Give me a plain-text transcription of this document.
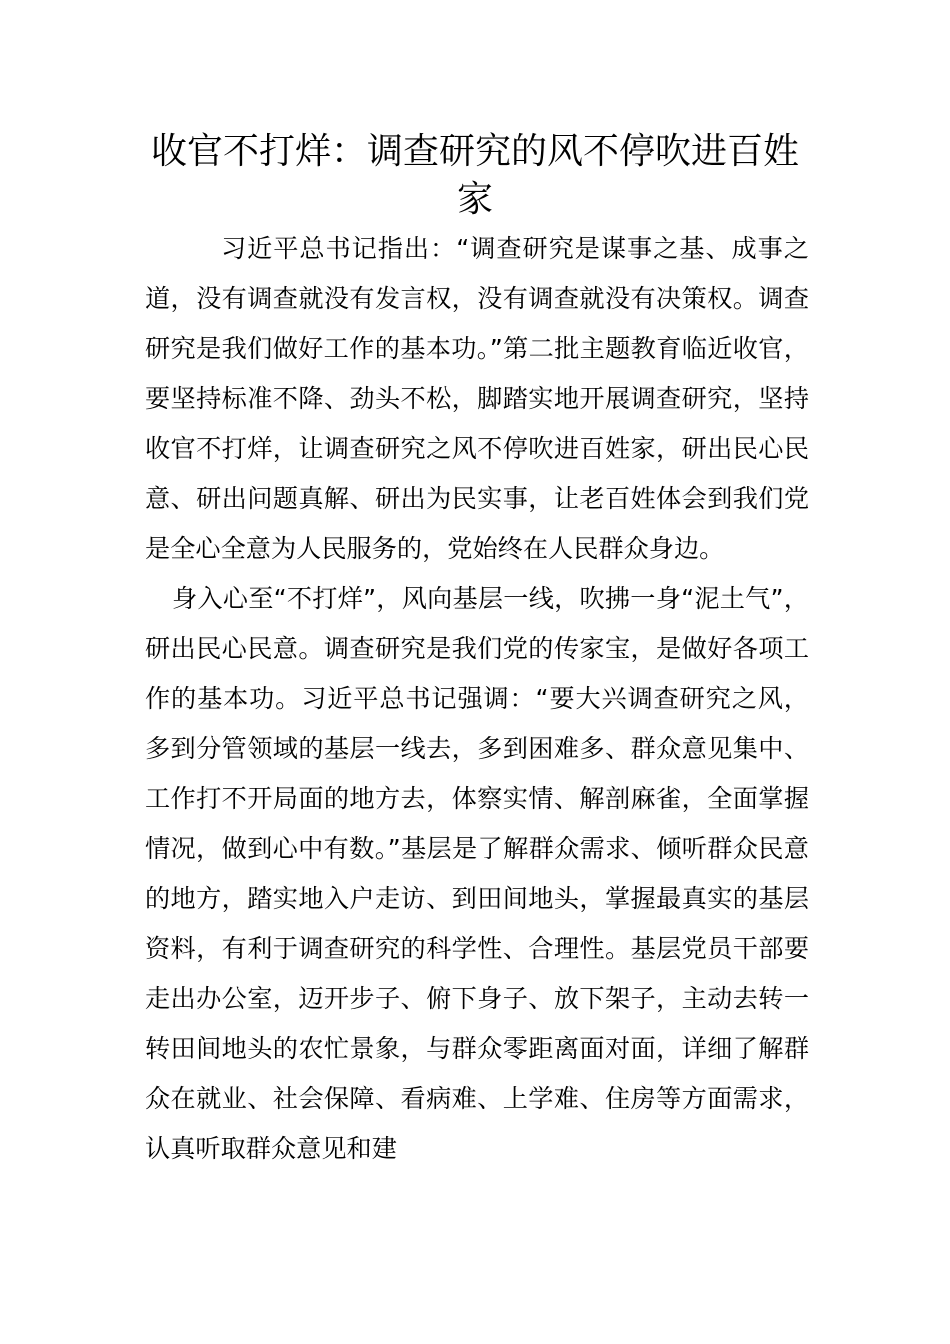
收官不打烊：调查研究的风不停吹进百姓家

习近平总书记指出：“调查研究是谋事之基、成事之道，没有调查就没有发言权，没有调查就没有决策权。调查研究是我们做好工作的基本功。”第二批主题教育临近收官，要坚持标准不降、劲头不松，脚踏实地开展调查研究，坚持收官不打烊，让调查研究之风不停吹进百姓家，研出民心民意、研出问题真解、研出为民实事，让老百姓体会到我们党是全心全意为人民服务的，党始终在人民群众身边。

身入心至“不打烊”，风向基层一线，吹拂一身“泥土气”，研出民心民意。调查研究是我们党的传家宝，是做好各项工作的基本功。习近平总书记强调：“要大兴调查研究之风，多到分管领域的基层一线去，多到困难多、群众意见集中、工作打不开局面的地方去，体察实情、解剖麻雀，全面掌握情况，做到心中有数。”基层是了解群众需求、倾听群众民意的地方，踏实地入户走访、到田间地头，掌握最真实的基层资料，有利于调查研究的科学性、合理性。基层党员干部要走出办公室，迈开步子、俯下身子、放下架子，主动去转一转田间地头的农忙景象，与群众零距离面对面，详细了解群众在就业、社会保障、看病难、上学难、住房等方面需求，认真听取群众意见和建
